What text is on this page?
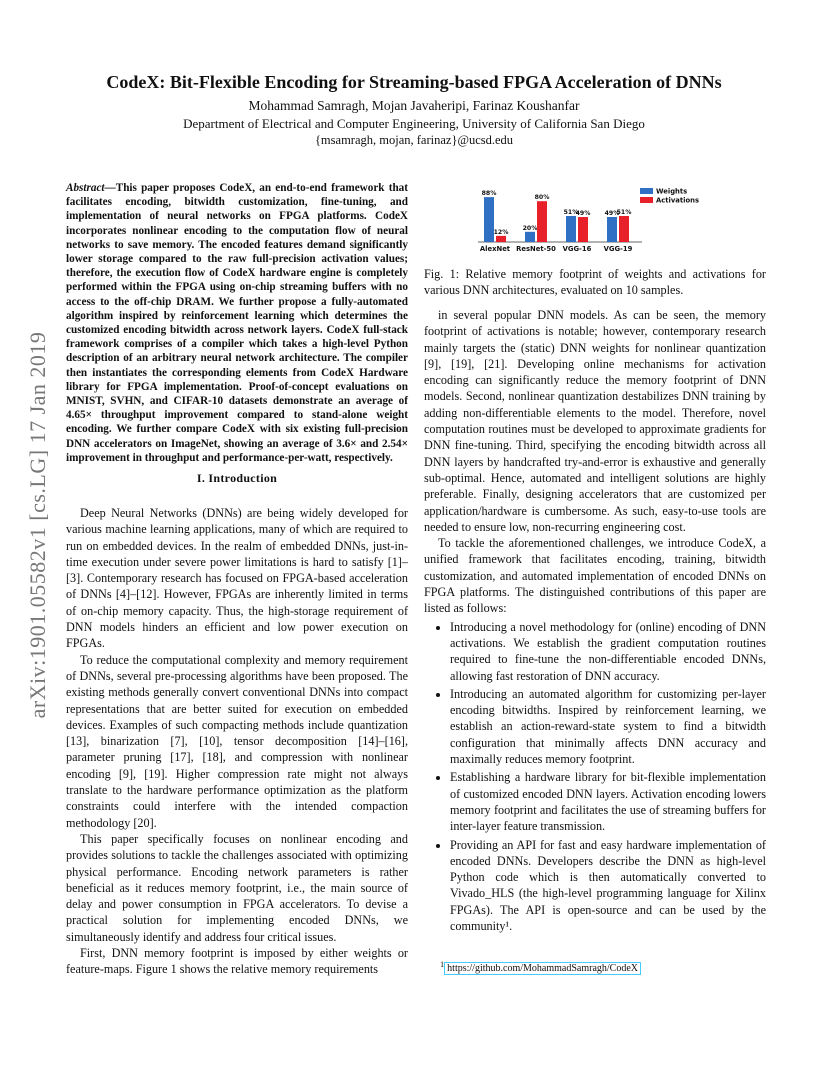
arXiv:1901.05582v1 [cs.LG] 17 Jan 2019
CodeX: Bit-Flexible Encoding for Streaming-based FPGA Acceleration of DNNs
Mohammad Samragh, Mojan Javaheripi, Farinaz Koushanfar
Department of Electrical and Computer Engineering, University of California San Diego
{msamragh, mojan, farinaz}@ucsd.edu
Abstract—This paper proposes CodeX, an end-to-end framework that facilitates encoding, bitwidth customization, fine-tuning, and implementation of neural networks on FPGA platforms. CodeX incorporates nonlinear encoding to the computation flow of neural networks to save memory. The encoded features demand significantly lower storage compared to the raw full-precision activation values; therefore, the execution flow of CodeX hardware engine is completely performed within the FPGA using on-chip streaming buffers with no access to the off-chip DRAM. We further propose a fully-automated algorithm inspired by reinforcement learning which determines the customized encoding bitwidth across network layers. CodeX full-stack framework comprises of a compiler which takes a high-level Python description of an arbitrary neural network architecture. The compiler then instantiates the corresponding elements from CodeX Hardware library for FPGA implementation. Proof-of-concept evaluations on MNIST, SVHN, and CIFAR-10 datasets demonstrate an average of 4.65× throughput improvement compared to stand-alone weight encoding. We further compare CodeX with six existing full-precision DNN accelerators on ImageNet, showing an average of 3.6× and 2.54× improvement in throughput and performance-per-watt, respectively.
I. Introduction

Deep Neural Networks (DNNs) are being widely developed for various machine learning applications, many of which are required to run on embedded devices. In the realm of embedded DNNs, just-in-time execution under severe power limitations is hard to satisfy [1]–[3]. Contemporary research has focused on FPGA-based acceleration of DNNs [4]–[12]. However, FPGAs are inherently limited in terms of on-chip memory capacity. Thus, the high-storage requirement of DNN models hinders an efficient and low power execution on FPGAs.

To reduce the computational complexity and memory requirement of DNNs, several pre-processing algorithms have been proposed. The existing methods generally convert conventional DNNs into compact representations that are better suited for execution on embedded devices. Examples of such compacting methods include quantization [13], binarization [7], [10], tensor decomposition [14]–[16], parameter pruning [17], [18], and compression with nonlinear encoding [9], [19]. Higher compression rate might not always translate to the hardware performance optimization as the platform constraints could interfere with the intended compaction methodology [20].

This paper specifically focuses on nonlinear encoding and provides solutions to tackle the challenges associated with optimizing physical performance. Encoding network parameters is rather beneficial as it reduces memory footprint, i.e., the main source of delay and power consumption in FPGA accelerators. To devise a practical solution for implementing encoded DNNs, we simultaneously identify and address four critical issues.

First, DNN memory footprint is imposed by either weights or feature-maps. Figure 1 shows the relative memory requirements

88%
12%
AlexNet
20%
80%
ResNet-50
51%
49%
VGG-16
49%
51%
VGG-19
Weights
Activations
Fig. 1: Relative memory footprint of weights and activations for various DNN architectures, evaluated on 10 samples.

in several popular DNN models. As can be seen, the memory footprint of activations is notable; however, contemporary research mainly targets the (static) DNN weights for nonlinear quantization [9], [19], [21]. Developing online mechanisms for activation encoding can significantly reduce the memory footprint of DNN models. Second, nonlinear quantization destabilizes DNN training by adding non-differentiable elements to the model. Therefore, novel computation routines must be developed to approximate gradients for DNN fine-tuning. Third, specifying the encoding bitwidth across all DNN layers by handcrafted try-and-error is exhaustive and generally sub-optimal. Hence, automated and intelligent solutions are highly preferable. Finally, designing accelerators that are customized per application/hardware is cumbersome. As such, easy-to-use tools are needed to ensure low, non-recurring engineering cost.

To tackle the aforementioned challenges, we introduce CodeX, a unified framework that facilitates encoding, training, bitwidth customization, and automated implementation of encoded DNNs on FPGA platforms. The distinguished contributions of this paper are listed as follows:

• Introducing a novel methodology for (online) encoding of DNN activations. We establish the gradient computation routines required to fine-tune the non-differentiable encoded DNNs, allowing fast restoration of DNN accuracy.
• Introducing an automated algorithm for customizing per-layer encoding bitwidths. Inspired by reinforcement learning, we establish an action-reward-state system to find a bitwidth configuration that minimally affects DNN accuracy and maximally reduces memory footprint.
• Establishing a hardware library for bit-flexible implementation of customized encoded DNN layers. Activation encoding lowers memory footprint and facilitates the use of streaming buffers for inter-layer feature transmission.
• Providing an API for fast and easy hardware implementation of encoded DNNs. Developers describe the DNN as high-level Python code which is then automatically converted to Vivado_HLS (the high-level programming language for Xilinx FPGAs). The API is open-source and can be used by the community¹.
$^1$ https://github.com/MohammadSamragh/CodeX
